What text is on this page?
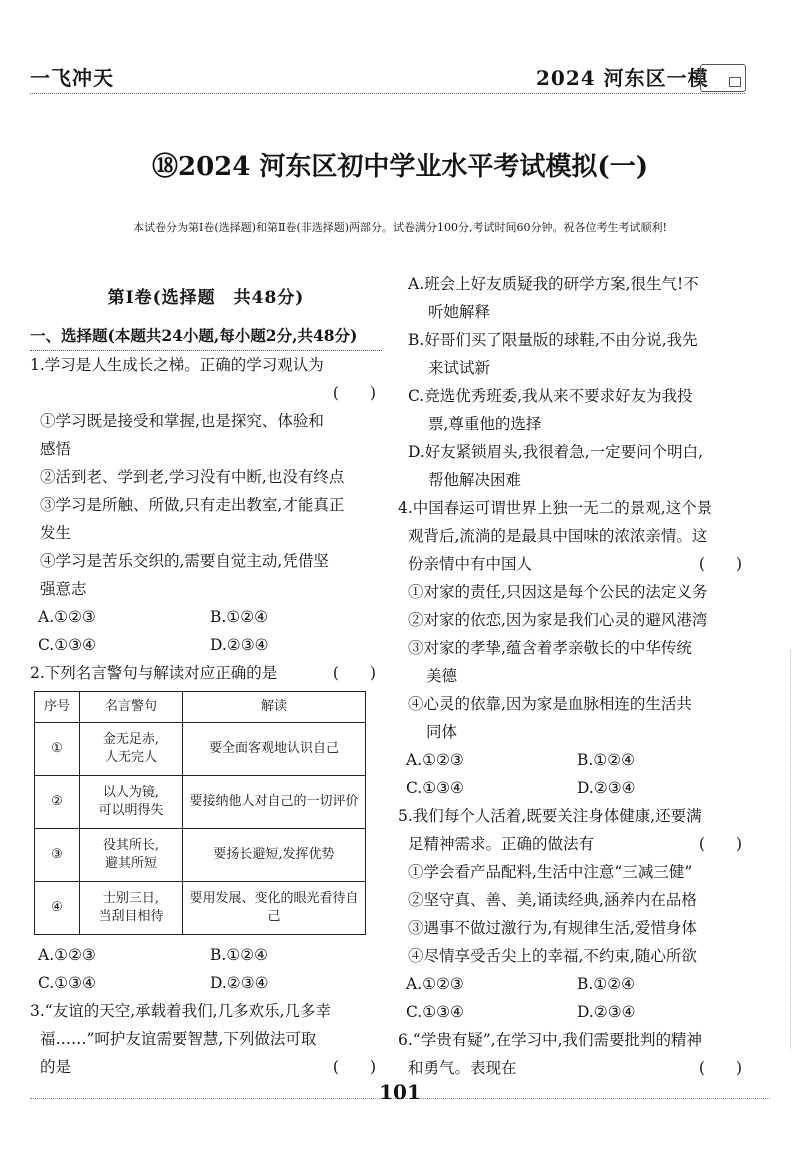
一飞冲天	2024 河东区一模
⑱2024 河东区初中学业水平考试模拟(一)
本试卷分为第Ⅰ卷(选择题)和第Ⅱ卷(非选择题)两部分。试卷满分100分,考试时间60分钟。祝各位考生考试顺利!
第Ⅰ卷(选择题　共48分)
一、选择题(本题共24小题,每小题2分,共48分)
1.学习是人生成长之梯。正确的学习观认为
(　　)

①学习既是接受和掌握,也是探究、体验和
感悟
②活到老、学到老,学习没有中断,也没有终点
③学习是所触、所做,只有走出教室,才能真正
发生
④学习是苦乐交织的,需要自觉主动,凭借坚
强意志
A.①②③	B.①②④
C.①③④	D.②③④
2.下列名言警句与解读对应正确的是	(　　)
序号	名言警句	解读
①	金无足赤,
人无完人	要全面客观地认识自己
②	以人为镜,
可以明得失	要接纳他人对自己的一切评价
③	役其所长,
避其所短	要扬长避短,发挥优势
④	士别三日,
当刮目相待	要用发展、变化的眼光看待自己
A.①②③	B.①②④
C.①③④	D.②③④
3.“友谊的天空,承载着我们,几多欢乐,几多幸
福……”呵护友谊需要智慧,下列做法可取
的是	(　　)
A.班会上好友质疑我的研学方案,很生气!不
听她解释
B.好哥们买了限量版的球鞋,不由分说,我先
来试试新
C.竞选优秀班委,我从来不要求好友为我投
票,尊重他的选择
D.好友紧锁眉头,我很着急,一定要问个明白,
帮他解决困难
4.中国春运可谓世界上独一无二的景观,这个景
观背后,流淌的是最具中国味的浓浓亲情。这
份亲情中有中国人	(　　)
①对家的责任,只因这是每个公民的法定义务
②对家的依恋,因为家是我们心灵的避风港湾
③对家的孝挚,蕴含着孝亲敬长的中华传统
美德
④心灵的依靠,因为家是血脉相连的生活共
同体
A.①②③	B.①②④
C.①③④	D.②③④
5.我们每个人活着,既要关注身体健康,还要满
足精神需求。正确的做法有	(　　)
①学会看产品配料,生活中注意“三减三健”
②坚守真、善、美,诵读经典,涵养内在品格
③遇事不做过激行为,有规律生活,爱惜身体
④尽情享受舌尖上的幸福,不约束,随心所欲
A.①②③	B.①②④
C.①③④	D.②③④
6.“学贵有疑”,在学习中,我们需要批判的精神
和勇气。表现在	(　　)
101
